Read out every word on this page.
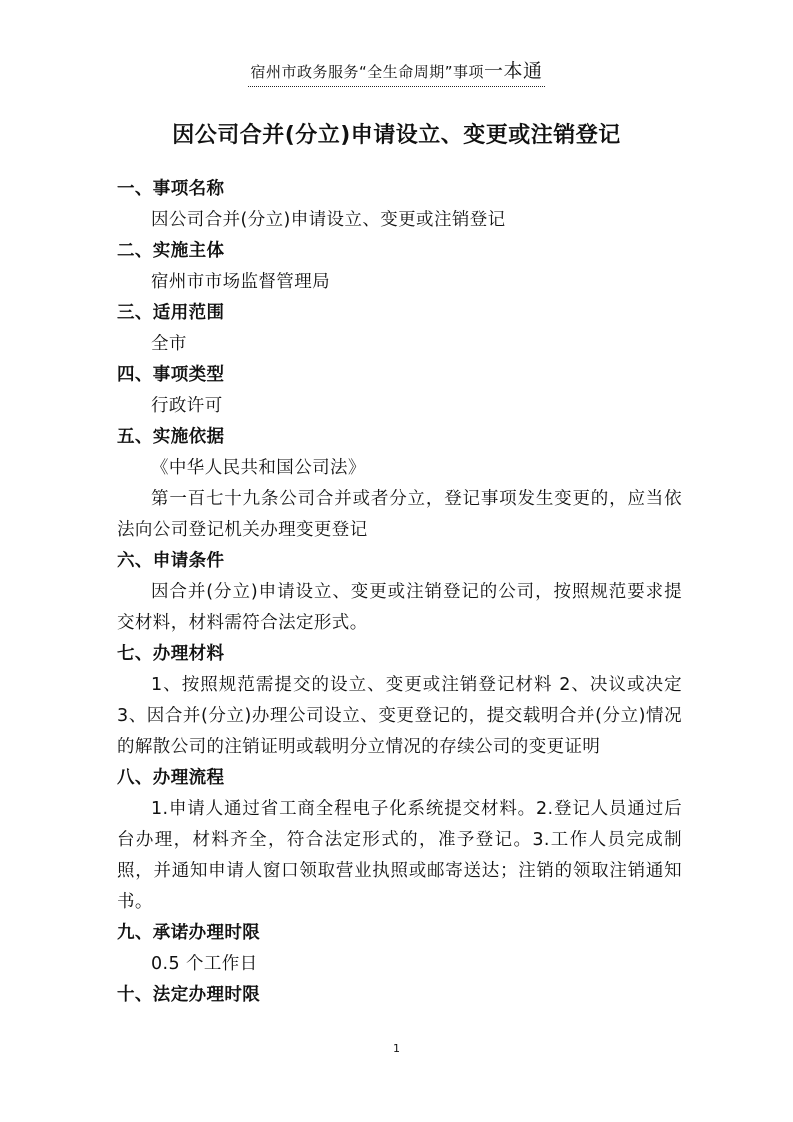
宿州市政务服务“全生命周期”事项一本通
因公司合并(分立)申请设立、变更或注销登记
一、事项名称
因公司合并(分立)申请设立、变更或注销登记
二、实施主体
宿州市市场监督管理局
三、适用范围
全市
四、事项类型
行政许可
五、实施依据
《中华人民共和国公司法》
第一百七十九条公司合并或者分立，登记事项发生变更的，应当依法向公司登记机关办理变更登记
六、申请条件
因合并(分立)申请设立、变更或注销登记的公司，按照规范要求提交材料，材料需符合法定形式。
七、办理材料
1、按照规范需提交的设立、变更或注销登记材料 2、决议或决定 3、因合并(分立)办理公司设立、变更登记的，提交载明合并(分立)情况的解散公司的注销证明或载明分立情况的存续公司的变更证明
八、办理流程
1.申请人通过省工商全程电子化系统提交材料。2.登记人员通过后台办理，材料齐全，符合法定形式的，准予登记。3.工作人员完成制照，并通知申请人窗口领取营业执照或邮寄送达；注销的领取注销通知书。
九、承诺办理时限
0.5 个工作日
十、法定办理时限
1
